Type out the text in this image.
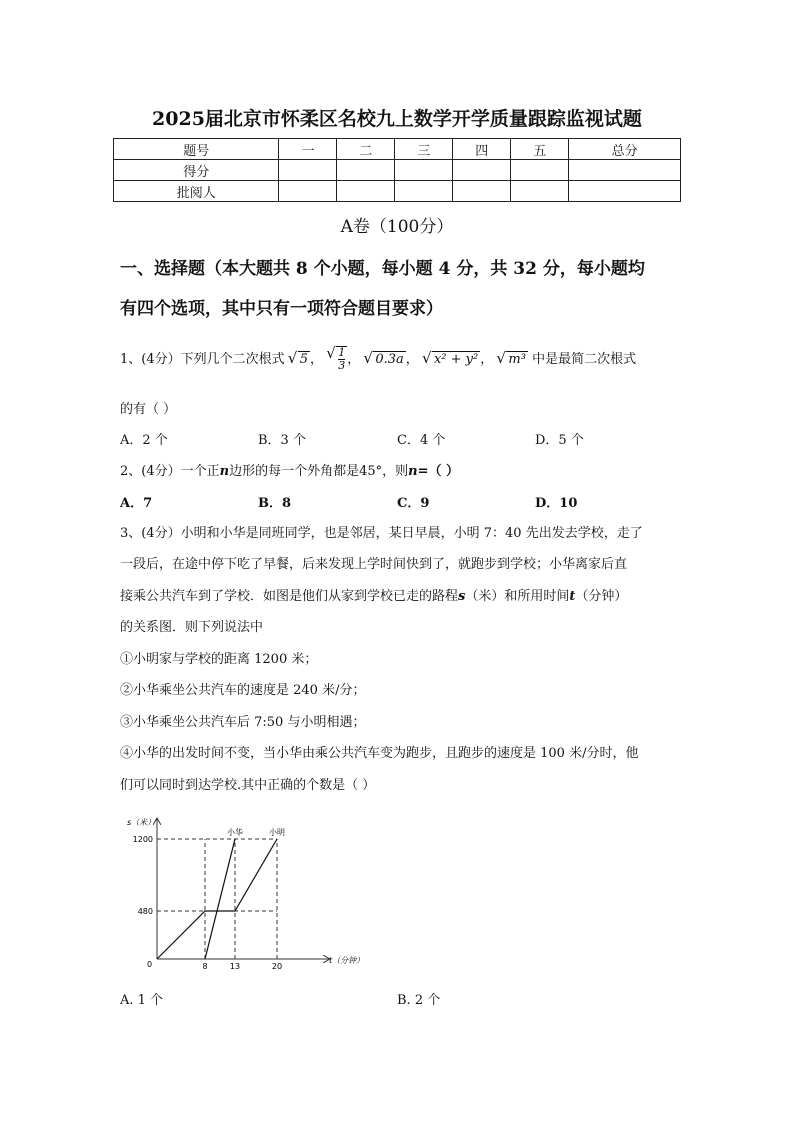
2025届北京市怀柔区名校九上数学开学质量跟踪监视试题
题号	一	二	三	四	五	总分
得分						
批阅人						
A卷（100分）
一、选择题（本大题共 8 个小题，每小题 4 分，共 32 分，每小题均
有四个选项，其中只有一项符合题目要求）
1、(4分）下列几个二次根式 √ 5 ， √ $\frac{1}{3}$ ， √ 0.3a ， √ x² + y² ， √ m³ 中是最简二次根式
的有（ ）
A．2 个	B．3 个	C．4 个	D．5 个
2、(4分）一个正n边形的每一个外角都是45°，则n=（ ）
A．7	B．8	C．9	D．10
3、(4分）小明和小华是同班同学，也是邻居，某日早晨，小明 7：40 先出发去学校，走了
一段后，在途中停下吃了早餐，后来发现上学时间快到了，就跑步到学校；小华离家后直
接乘公共汽车到了学校．如图是他们从家到学校已走的路程s（米）和所用时间t（分钟）
的关系图．则下列说法中
①小明家与学校的距离 1200 米；
②小华乘坐公共汽车的速度是 240 米/分；
③小华乘坐公共汽车后 7:50 与小明相遇；
④小华的出发时间不变，当小华由乘公共汽车变为跑步，且跑步的速度是 100 米/分时，他
们可以同时到达学校.其中正确的个数是（ ）
480
1200
8	13	20
小明
小华
s（米）
t（分钟）
0
A. 1 个	B. 2 个
